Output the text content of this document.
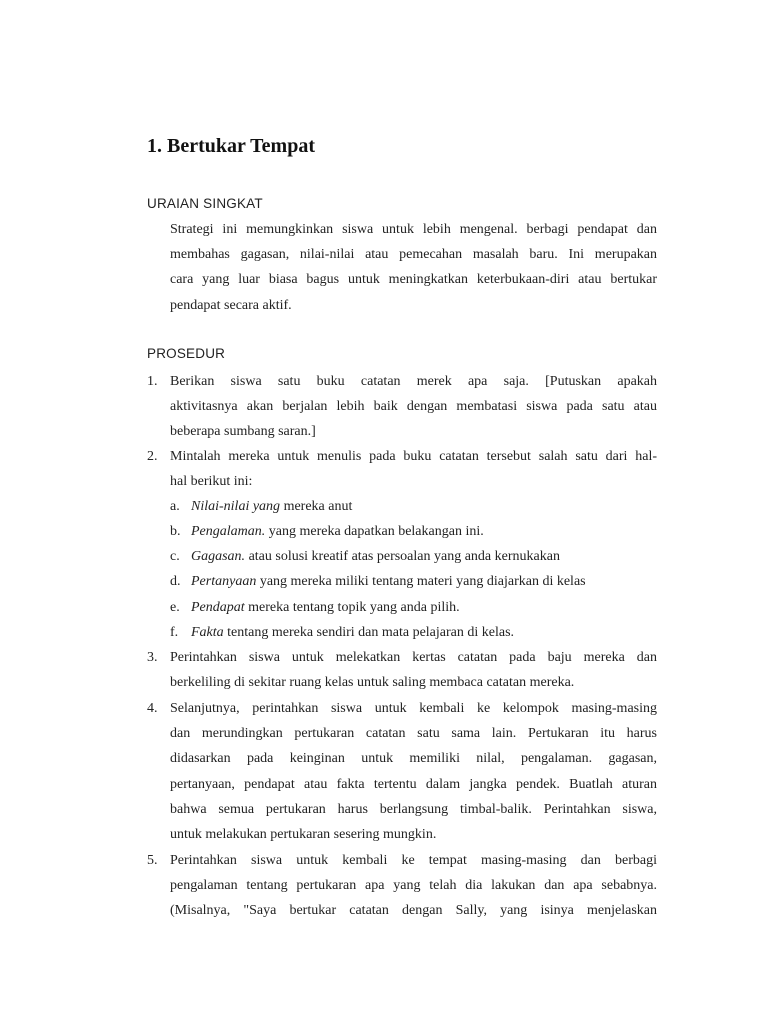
1. Bertukar Tempat
URAIAN SINGKAT
Strategi ini memungkinkan siswa untuk lebih mengenal. berbagi pendapat dan
membahas gagasan, nilai-nilai atau pemecahan masalah baru. Ini merupakan
cara yang luar biasa bagus untuk meningkatkan keterbukaan-diri atau bertukar
pendapat secara aktif.
PROSEDUR
1. Berikan siswa satu buku catatan merek apa saja. [Putuskan apakah
aktivitasnya akan berjalan lebih baik dengan membatasi siswa pada satu atau
beberapa sumbang saran.]
2. Mintalah mereka untuk menulis pada buku catatan tersebut salah satu dari hal-
hal berikut ini:
a. Nilai-nilai yang mereka anut
b. Pengalaman. yang mereka dapatkan belakangan ini.
c. Gagasan. atau solusi kreatif atas persoalan yang anda kernukakan
d. Pertanyaan yang mereka miliki tentang materi yang diajarkan di kelas
e. Pendapat mereka tentang topik yang anda pilih.
f. Fakta tentang mereka sendiri dan mata pelajaran di kelas.
3. Perintahkan siswa untuk melekatkan kertas catatan pada baju mereka dan
berkeliling di sekitar ruang kelas untuk saling membaca catatan mereka.
4. Selanjutnya, perintahkan siswa untuk kembali ke kelompok masing-masing
dan merundingkan pertukaran catatan satu sama lain. Pertukaran itu harus
didasarkan pada keinginan untuk memiliki nilal, pengalaman. gagasan,
pertanyaan, pendapat atau fakta tertentu dalam jangka pendek. Buatlah aturan
bahwa semua pertukaran harus berlangsung timbal-balik. Perintahkan siswa,
untuk melakukan pertukaran sesering mungkin.
5. Perintahkan siswa untuk kembali ke tempat masing-masing dan berbagi
pengalaman tentang pertukaran apa yang telah dia lakukan dan apa sebabnya.
(Misalnya, "Saya bertukar catatan dengan Sally, yang isinya menjelaskan
